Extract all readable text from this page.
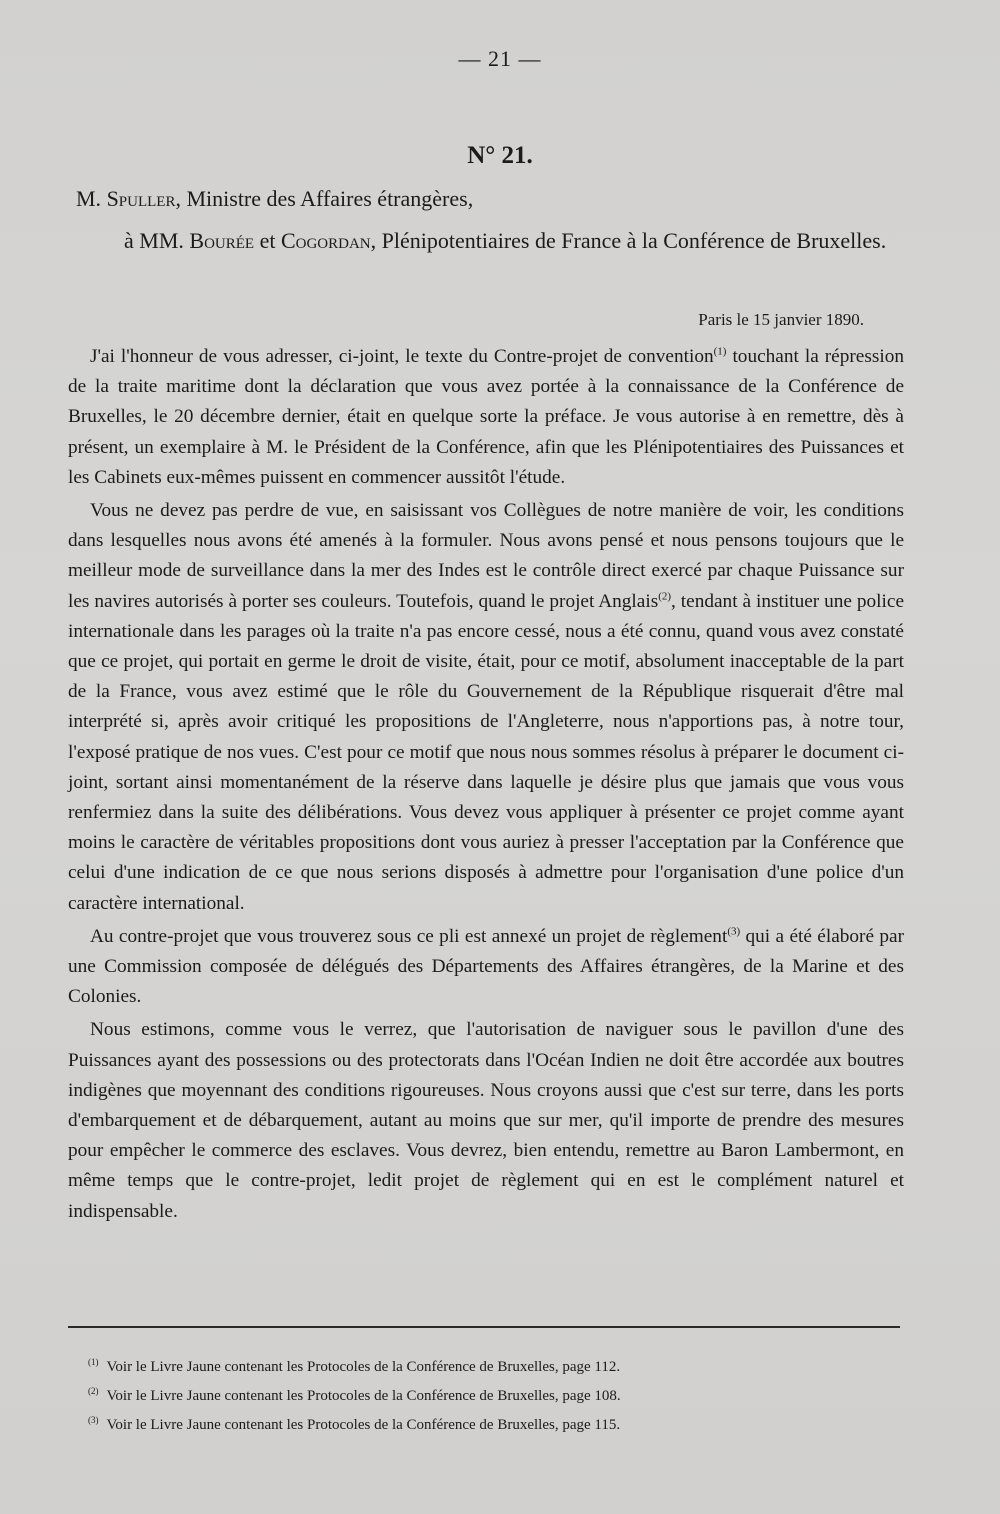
— 21 —
N° 21.
M. Spuller, Ministre des Affaires étrangères,
à MM. Bourée et Cogordan, Plénipotentiaires de France à la Conférence de Bruxelles.
Paris le 15 janvier 1890.

J'ai l'honneur de vous adresser, ci-joint, le texte du Contre-projet de convention$^{(1)}$ touchant la répression de la traite maritime dont la déclaration que vous avez portée à la connaissance de la Conférence de Bruxelles, le 20 décembre dernier, était en quelque sorte la préface. Je vous autorise à en remettre, dès à présent, un exemplaire à M. le Président de la Conférence, afin que les Plénipotentiaires des Puissances et les Cabinets eux-mêmes puissent en commencer aussitôt l'étude.

Vous ne devez pas perdre de vue, en saisissant vos Collègues de notre manière de voir, les conditions dans lesquelles nous avons été amenés à la formuler. Nous avons pensé et nous pensons toujours que le meilleur mode de surveillance dans la mer des Indes est le contrôle direct exercé par chaque Puissance sur les navires autorisés à porter ses couleurs. Toutefois, quand le projet Anglais$^{(2)}$, tendant à instituer une police internationale dans les parages où la traite n'a pas encore cessé, nous a été connu, quand vous avez constaté que ce projet, qui portait en germe le droit de visite, était, pour ce motif, absolument inacceptable de la part de la France, vous avez estimé que le rôle du Gouvernement de la République risquerait d'être mal interprété si, après avoir critiqué les propositions de l'Angleterre, nous n'apportions pas, à notre tour, l'exposé pratique de nos vues. C'est pour ce motif que nous nous sommes résolus à préparer le document ci-joint, sortant ainsi momentanément de la réserve dans laquelle je désire plus que jamais que vous vous renfermiez dans la suite des délibérations. Vous devez vous appliquer à présenter ce projet comme ayant moins le caractère de véritables propositions dont vous auriez à presser l'acceptation par la Conférence que celui d'une indication de ce que nous serions disposés à admettre pour l'organisation d'une police d'un caractère international.

Au contre-projet que vous trouverez sous ce pli est annexé un projet de règlement$^{(3)}$ qui a été élaboré par une Commission composée de délégués des Départements des Affaires étrangères, de la Marine et des Colonies.

Nous estimons, comme vous le verrez, que l'autorisation de naviguer sous le pavillon d'une des Puissances ayant des possessions ou des protectorats dans l'Océan Indien ne doit être accordée aux boutres indigènes que moyennant des conditions rigoureuses. Nous croyons aussi que c'est sur terre, dans les ports d'embarquement et de débarquement, autant au moins que sur mer, qu'il importe de prendre des mesures pour empêcher le commerce des esclaves. Vous devrez, bien entendu, remettre au Baron Lambermont, en même temps que le contre-projet, ledit projet de règlement qui en est le complément naturel et indispensable.

$^{(1)}$ Voir le Livre Jaune contenant les Protocoles de la Conférence de Bruxelles, page 112.
$^{(2)}$ Voir le Livre Jaune contenant les Protocoles de la Conférence de Bruxelles, page 108.
$^{(3)}$ Voir le Livre Jaune contenant les Protocoles de la Conférence de Bruxelles, page 115.
